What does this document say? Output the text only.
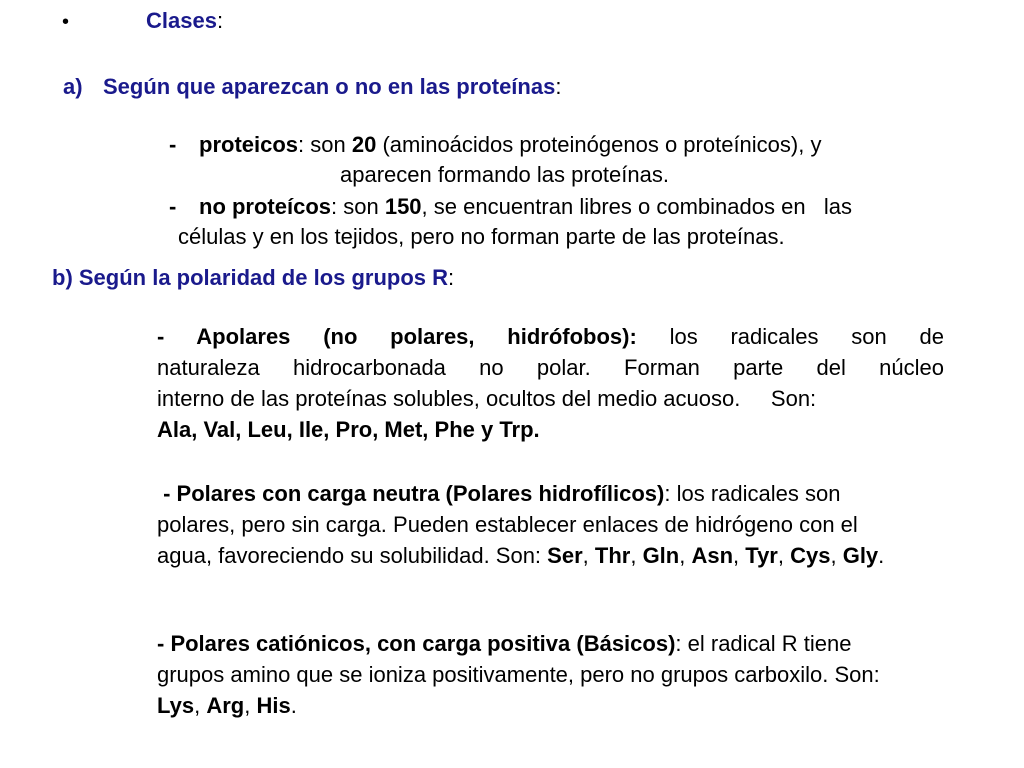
•	Clases:
a) Según que aparezcan o no en las proteínas:
- proteicos: son 20 (aminoácidos proteinógenos o proteínicos), y
aparecen formando las proteínas.
- no proteícos: son 150, se encuentran libres o combinados en   las
células y en los tejidos, pero no forman parte de las proteínas.
b) Según la polaridad de los grupos R:
- Apolares (no polares, hidrófobos): los radicales son de
naturaleza hidrocarbonada no polar. Forman parte del núcleo
interno de las proteínas solubles, ocultos del medio acuoso.     Son:
Ala, Val, Leu, Ile, Pro, Met, Phe y Trp.
- Polares con carga neutra (Polares hidrofílicos): los radicales son polares, pero sin carga. Pueden establecer enlaces de hidrógeno con el agua, favoreciendo su solubilidad. Son: Ser, Thr, Gln, Asn, Tyr, Cys, Gly.
- Polares catiónicos, con carga positiva (Básicos): el radical R tiene grupos amino que se ioniza positivamente, pero no grupos carboxilo. Son: Lys, Arg, His.
